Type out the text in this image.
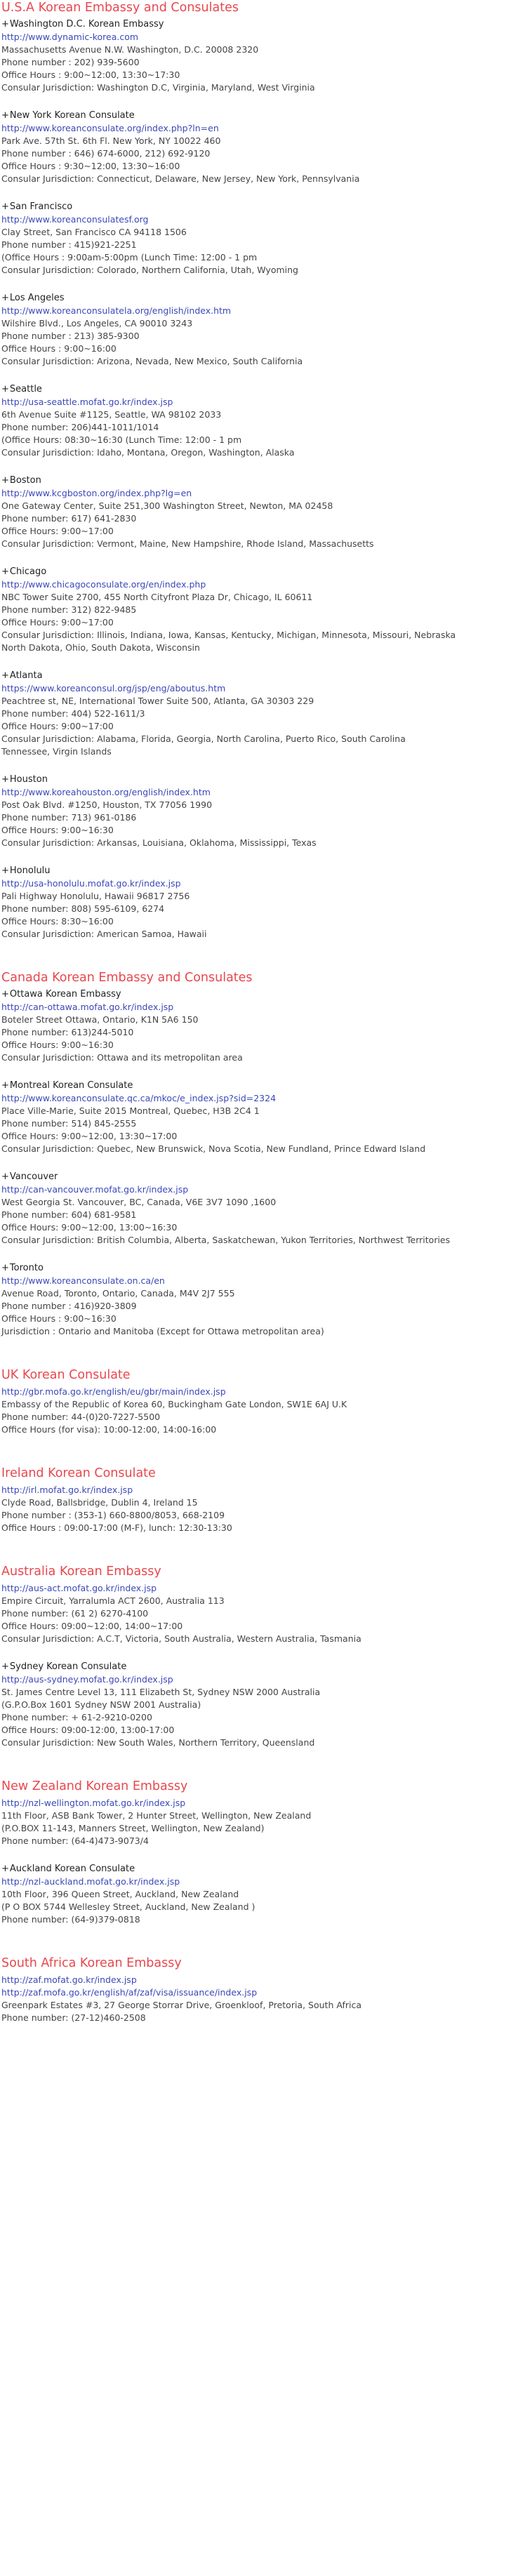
U.S.A Korean Embassy and Consulates
+Washington D.C. Korean Embassy
http://www.dynamic-korea.com
Massachusetts Avenue N.W. Washington, D.C. 20008 2320
Phone number : 202) 939-5600
Office Hours : 9:00~12:00, 13:30~17:30
Consular Jurisdiction: Washington D.C, Virginia, Maryland, West Virginia
+New York Korean Consulate
http://www.koreanconsulate.org/index.php?ln=en
Park Ave. 57th St. 6th Fl. New York, NY 10022 460
Phone number : 646) 674-6000, 212) 692-9120
Office Hours : 9:30~12:00, 13:30~16:00
Consular Jurisdiction: Connecticut, Delaware, New Jersey, New York, Pennsylvania
+San Francisco
http://www.koreanconsulatesf.org
Clay Street, San Francisco CA 94118 1506
Phone number : 415)921-2251
(Office Hours : 9:00am-5:00pm (Lunch Time: 12:00 - 1 pm
Consular Jurisdiction: Colorado, Northern California, Utah, Wyoming
+Los Angeles
http://www.koreanconsulatela.org/english/index.htm
Wilshire Blvd., Los Angeles, CA 90010 3243
Phone number : 213) 385-9300
Office Hours : 9:00~16:00
Consular Jurisdiction: Arizona, Nevada, New Mexico, South California
+Seattle
http://usa-seattle.mofat.go.kr/index.jsp
6th Avenue Suite #1125, Seattle, WA 98102 2033
Phone number: 206)441-1011/1014
(Office Hours: 08:30~16:30 (Lunch Time: 12:00 - 1 pm
Consular Jurisdiction: Idaho, Montana, Oregon, Washington, Alaska
+Boston
http://www.kcgboston.org/index.php?lg=en
One Gateway Center, Suite 251,300 Washington Street, Newton, MA 02458
Phone number: 617) 641-2830
Office Hours: 9:00~17:00
Consular Jurisdiction: Vermont, Maine, New Hampshire, Rhode Island, Massachusetts
+Chicago
http://www.chicagoconsulate.org/en/index.php
NBC Tower Suite 2700, 455 North Cityfront Plaza Dr, Chicago, IL 60611
Phone number: 312) 822-9485
Office Hours: 9:00~17:00
Consular Jurisdiction: Illinois, Indiana, Iowa, Kansas, Kentucky, Michigan, Minnesota, Missouri, Nebraska
North Dakota, Ohio, South Dakota, Wisconsin
+Atlanta
https://www.koreanconsul.org/jsp/eng/aboutus.htm
Peachtree st, NE, International Tower Suite 500, Atlanta, GA 30303 229
Phone number: 404) 522-1611/3
Office Hours: 9:00~17:00
Consular Jurisdiction: Alabama, Florida, Georgia, North Carolina, Puerto Rico, South Carolina
Tennessee, Virgin Islands
+Houston
http://www.koreahouston.org/english/index.htm
Post Oak Blvd. #1250, Houston, TX 77056 1990
Phone number: 713) 961-0186
Office Hours: 9:00~16:30
Consular Jurisdiction: Arkansas, Louisiana, Oklahoma, Mississippi, Texas
+Honolulu
http://usa-honolulu.mofat.go.kr/index.jsp
Pali Highway Honolulu, Hawaii 96817 2756
Phone number: 808) 595-6109, 6274
Office Hours: 8:30~16:00
Consular Jurisdiction: American Samoa, Hawaii
Canada Korean Embassy and Consulates
+Ottawa Korean Embassy
http://can-ottawa.mofat.go.kr/index.jsp
Boteler Street Ottawa, Ontario, K1N 5A6 150
Phone number: 613)244-5010
Office Hours: 9:00~16:30
Consular Jurisdiction: Ottawa and its metropolitan area
+Montreal Korean Consulate
http://www.koreanconsulate.qc.ca/mkoc/e_index.jsp?sid=2324
Place Ville-Marie, Suite 2015 Montreal, Quebec, H3B 2C4 1
Phone number: 514) 845-2555
Office Hours: 9:00~12:00, 13:30~17:00
Consular Jurisdiction: Quebec, New Brunswick, Nova Scotia, New Fundland, Prince Edward Island
+Vancouver
http://can-vancouver.mofat.go.kr/index.jsp
West Georgia St. Vancouver, BC, Canada, V6E 3V7 1090 ,1600
Phone number: 604) 681-9581
Office Hours: 9:00~12:00, 13:00~16:30
Consular Jurisdiction: British Columbia, Alberta, Saskatchewan, Yukon Territories, Northwest Territories
+Toronto
http://www.koreanconsulate.on.ca/en
Avenue Road, Toronto, Ontario, Canada, M4V 2J7 555
Phone number : 416)920-3809
Office Hours : 9:00~16:30
Jurisdiction : Ontario and Manitoba (Except for Ottawa metropolitan area)
UK Korean Consulate
http://gbr.mofa.go.kr/english/eu/gbr/main/index.jsp
Embassy of the Republic of Korea 60, Buckingham Gate London, SW1E 6AJ U.K
Phone number: 44-(0)20-7227-5500
Office Hours (for visa): 10:00-12:00, 14:00-16:00
Ireland Korean Consulate
http://irl.mofat.go.kr/index.jsp
Clyde Road, Ballsbridge, Dublin 4, Ireland 15
Phone number : (353-1) 660-8800/8053, 668-2109
Office Hours : 09:00-17:00 (M-F), lunch: 12:30-13:30
Australia Korean Embassy
http://aus-act.mofat.go.kr/index.jsp
Empire Circuit, Yarralumla ACT 2600, Australia 113
Phone number: (61 2) 6270-4100
Office Hours: 09:00~12:00, 14:00~17:00
Consular Jurisdiction: A.C.T, Victoria, South Australia, Western Australia, Tasmania
+Sydney Korean Consulate
http://aus-sydney.mofat.go.kr/index.jsp
St. James Centre Level 13, 111 Elizabeth St, Sydney NSW 2000 Australia
(G.P.O.Box 1601 Sydney NSW 2001 Australia)
Phone number: + 61-2-9210-0200
Office Hours: 09:00-12:00, 13:00-17:00
Consular Jurisdiction: New South Wales, Northern Territory, Queensland
New Zealand Korean Embassy
http://nzl-wellington.mofat.go.kr/index.jsp
11th Floor, ASB Bank Tower, 2 Hunter Street, Wellington, New Zealand
(P.O.BOX 11-143, Manners Street, Wellington, New Zealand)
Phone number: (64-4)473-9073/4
+Auckland Korean Consulate
http://nzl-auckland.mofat.go.kr/index.jsp
10th Floor, 396 Queen Street, Auckland, New Zealand
(P O BOX 5744 Wellesley Street, Auckland, New Zealand )
Phone number: (64-9)379-0818
South Africa Korean Embassy
http://zaf.mofat.go.kr/index.jsp
http://zaf.mofa.go.kr/english/af/zaf/visa/issuance/index.jsp
Greenpark Estates #3, 27 George Storrar Drive, Groenkloof, Pretoria, South Africa
Phone number: (27-12)460-2508
